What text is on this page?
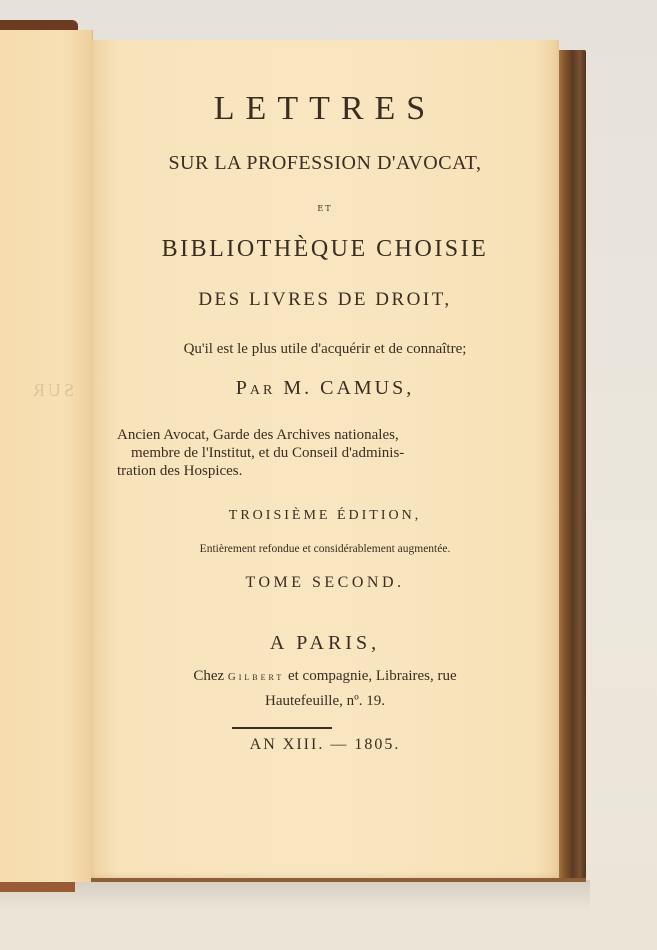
SUR
LETTRES
SUR LA PROFESSION D'AVOCAT,
ET
BIBLIOTHÈQUE CHOISIE
DES LIVRES DE DROIT,
Qu'il est le plus utile d'acquérir et de connaître;
Par M. CAMUS,
Ancien Avocat, Garde des Archives nationales,
membre de l'Institut, et du Conseil d'adminis-
tration des Hospices.
TROISIÈME ÉDITION,
Entièrement refondue et considérablement augmentée.
TOME SECOND.
A PARIS,
Chez Gilbert et compagnie, Libraires, rue
Hautefeuille, nº. 19.
AN XIII. — 1805.
